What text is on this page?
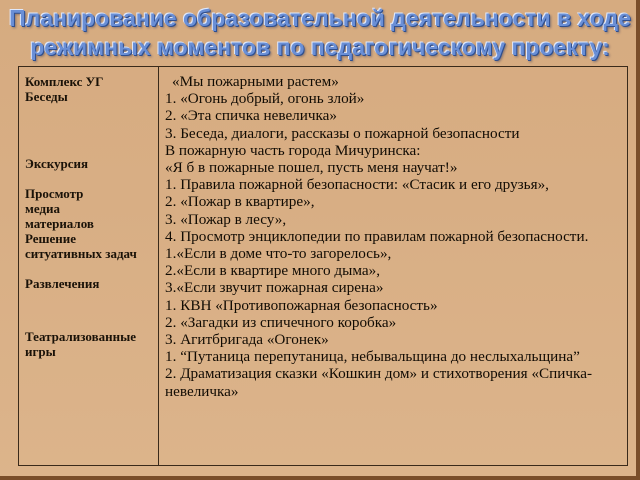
Планирование образовательной деятельности в ходе
режимных моментов по педагогическому проекту:
Комплекс УГ
Беседы
Экскурсия
Просмотр
медиа
материалов
Решение
ситуативных задач
Развлечения
Театрализованные
игры
«Мы пожарными растем»
1. «Огонь добрый, огонь злой»
2. «Эта спичка невеличка»
3. Беседа, диалоги, рассказы о пожарной безопасности
В пожарную часть города Мичуринска:
«Я б в пожарные пошел, пусть меня научат!»
1. Правила пожарной безопасности: «Стасик и его друзья»,
2. «Пожар в квартире»,
3. «Пожар в лесу»,
4. Просмотр энциклопедии по правилам пожарной безопасности.
1.«Если в доме что-то загорелось»,
2.«Если в квартире много дыма»,
3.«Если звучит пожарная сирена»
1. КВН «Противопожарная безопасность»
2. «Загадки из спичечного коробка»
3. Агитбригада «Огонек»
1. “Путаница перепутаница, небывальщина до неслыхальщина”
2. Драматизация сказки «Кошкин дом» и стихотворения «Спичка-
невеличка»
